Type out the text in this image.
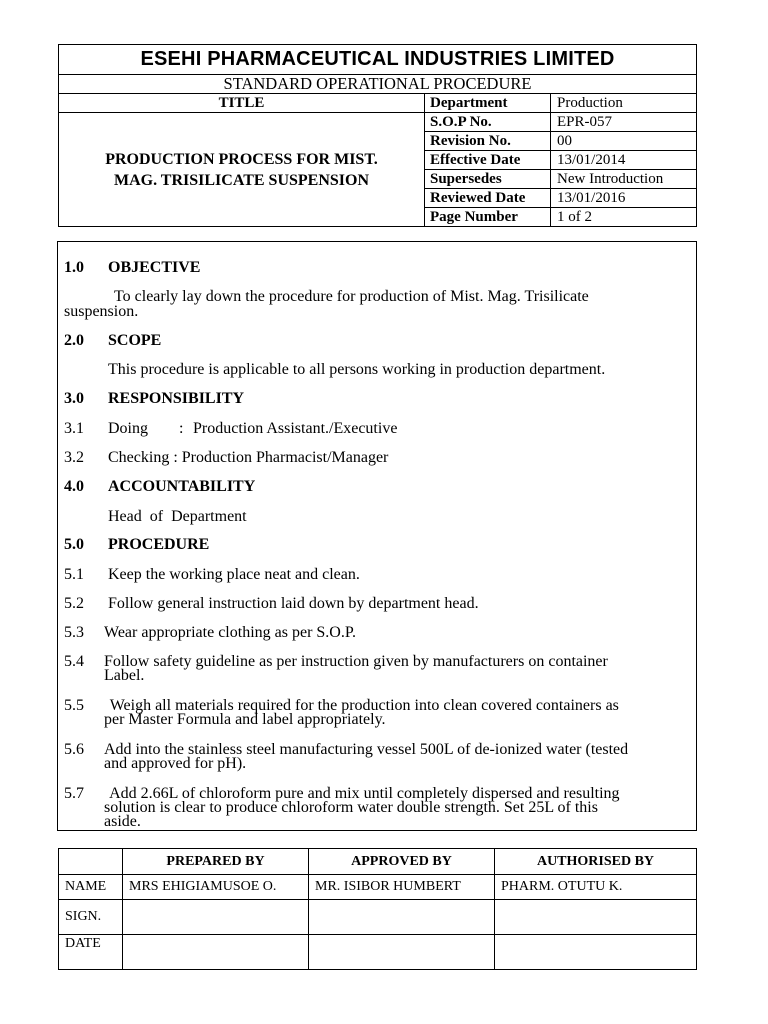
ESEHI PHARMACEUTICAL INDUSTRIES LIMITED		
STANDARD OPERATIONAL PROCEDURE		
TITLE	Department	Production

PRODUCTION PROCESS FOR MIST.
MAG. TRISILICATE SUSPENSION	S.O.P No.	EPR-057
	Revision No.	00
	Effective Date	13/01/2014
	Supersedes	New Introduction
	Reviewed Date	13/01/2016
	Page Number	1 of 2
1.0 OBJECTIVE
To clearly lay down the procedure for production of Mist. Mag. Trisilicate
suspension.
2.0 SCOPE
This procedure is applicable to all persons working in production department.
3.0 RESPONSIBILITY
3.1 Doing : Production Assistant./Executive
3.2 Checking : Production Pharmacist/Manager
4.0 ACCOUNTABILITY
Head  of  Department
5.0 PROCEDURE
5.1 Keep the working place neat and clean.
5.2 Follow general instruction laid down by department head.
5.3 Wear appropriate clothing as per S.O.P.
5.4 Follow safety guideline as per instruction given by manufacturers on container
Label.
5.5 Weigh all materials required for the production into clean covered containers as
per Master Formula and label appropriately.
5.6 Add into the stainless steel manufacturing vessel 500L of de-ionized water (tested
and approved for pH).
5.7 Add 2.66L of chloroform pure and mix until completely dispersed and resulting
solution is clear to produce chloroform water double strength. Set 25L of this
aside.
	PREPARED BY	APPROVED BY	AUTHORISED BY
NAME	MRS EHIGIAMUSOE O.	MR. ISIBOR HUMBERT	PHARM. OTUTU K.
SIGN.			
DATE			
